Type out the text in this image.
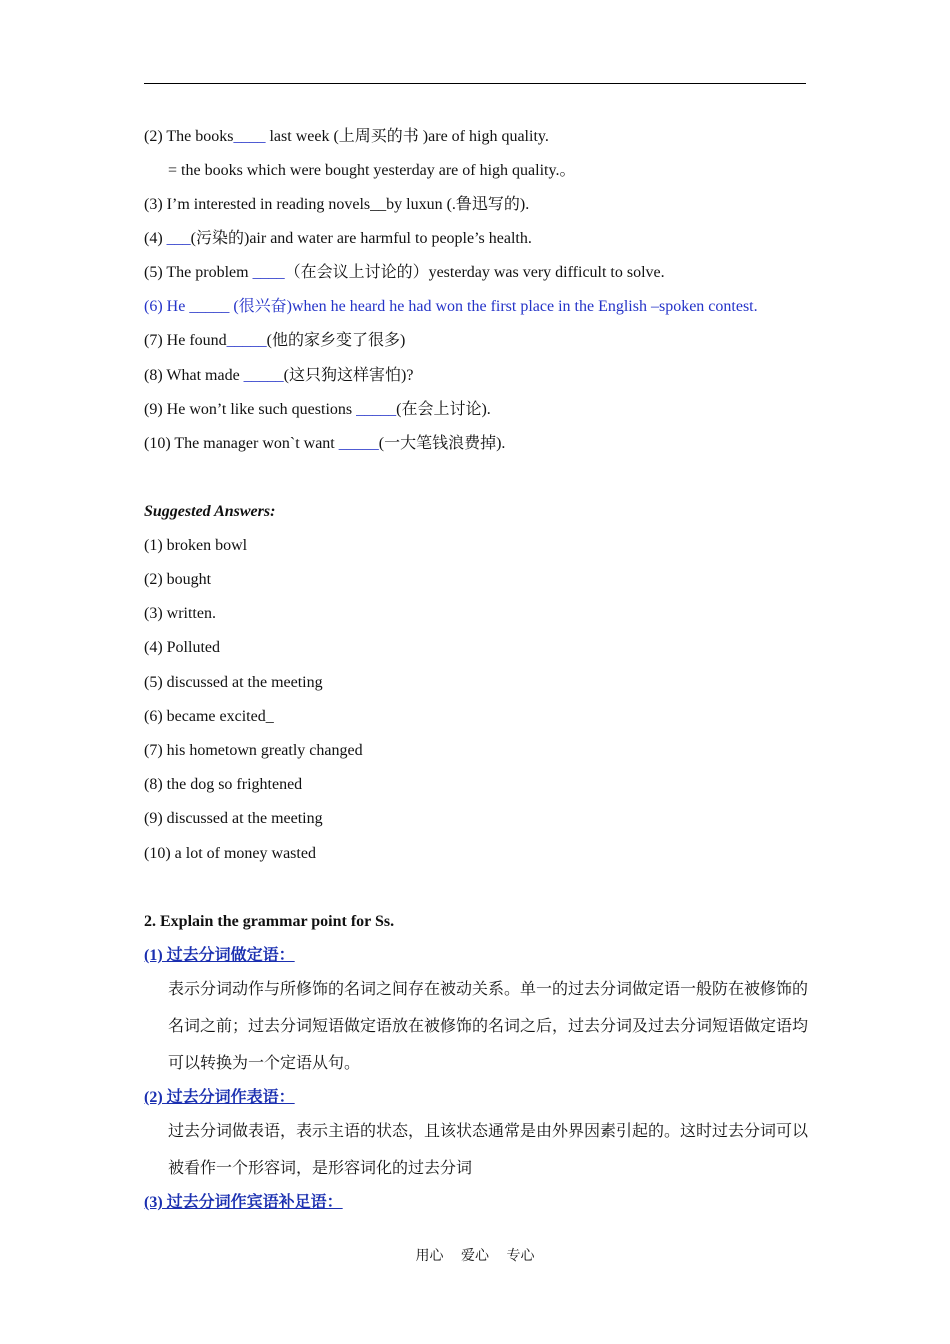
(2) The books____ last week (上周买的书 )are of high quality.
= the books which were bought yesterday are of high quality.。
(3) I’m interested in reading novels__by luxun (.鲁迅写的).
(4) ___(污染的)air and water are harmful to people’s health.
(5) The problem ____（在会议上讨论的）yesterday was very difficult to solve.
(6) He _____ (很兴奋)when he heard he had won the first place in the English –spoken contest.
(7) He found_____(他的家乡变了很多)
(8) What made _____(这只狗这样害怕)?
(9) He won’t like such questions _____(在会上讨论).
(10) The manager won`t want _____(一大笔钱浪费掉).
Suggested Answers:
(1) broken bowl
(2) bought
(3) written.
(4) Polluted
(5) discussed at the meeting
(6) became excited_
(7) his hometown greatly changed
(8) the dog so frightened
(9) discussed at the meeting
(10) a lot of money wasted
2. Explain the grammar point for Ss.
(1) 过去分词做定语：
表示分词动作与所修饰的名词之间存在被动关系。单一的过去分词做定语一般防在被修饰的名词之前；过去分词短语做定语放在被修饰的名词之后，过去分词及过去分词短语做定语均可以转换为一个定语从句。
(2) 过去分词作表语：
过去分词做表语，表示主语的状态，且该状态通常是由外界因素引起的。这时过去分词可以被看作一个形容词，是形容词化的过去分词
(3) 过去分词作宾语补足语：
用心 爱心 专心
